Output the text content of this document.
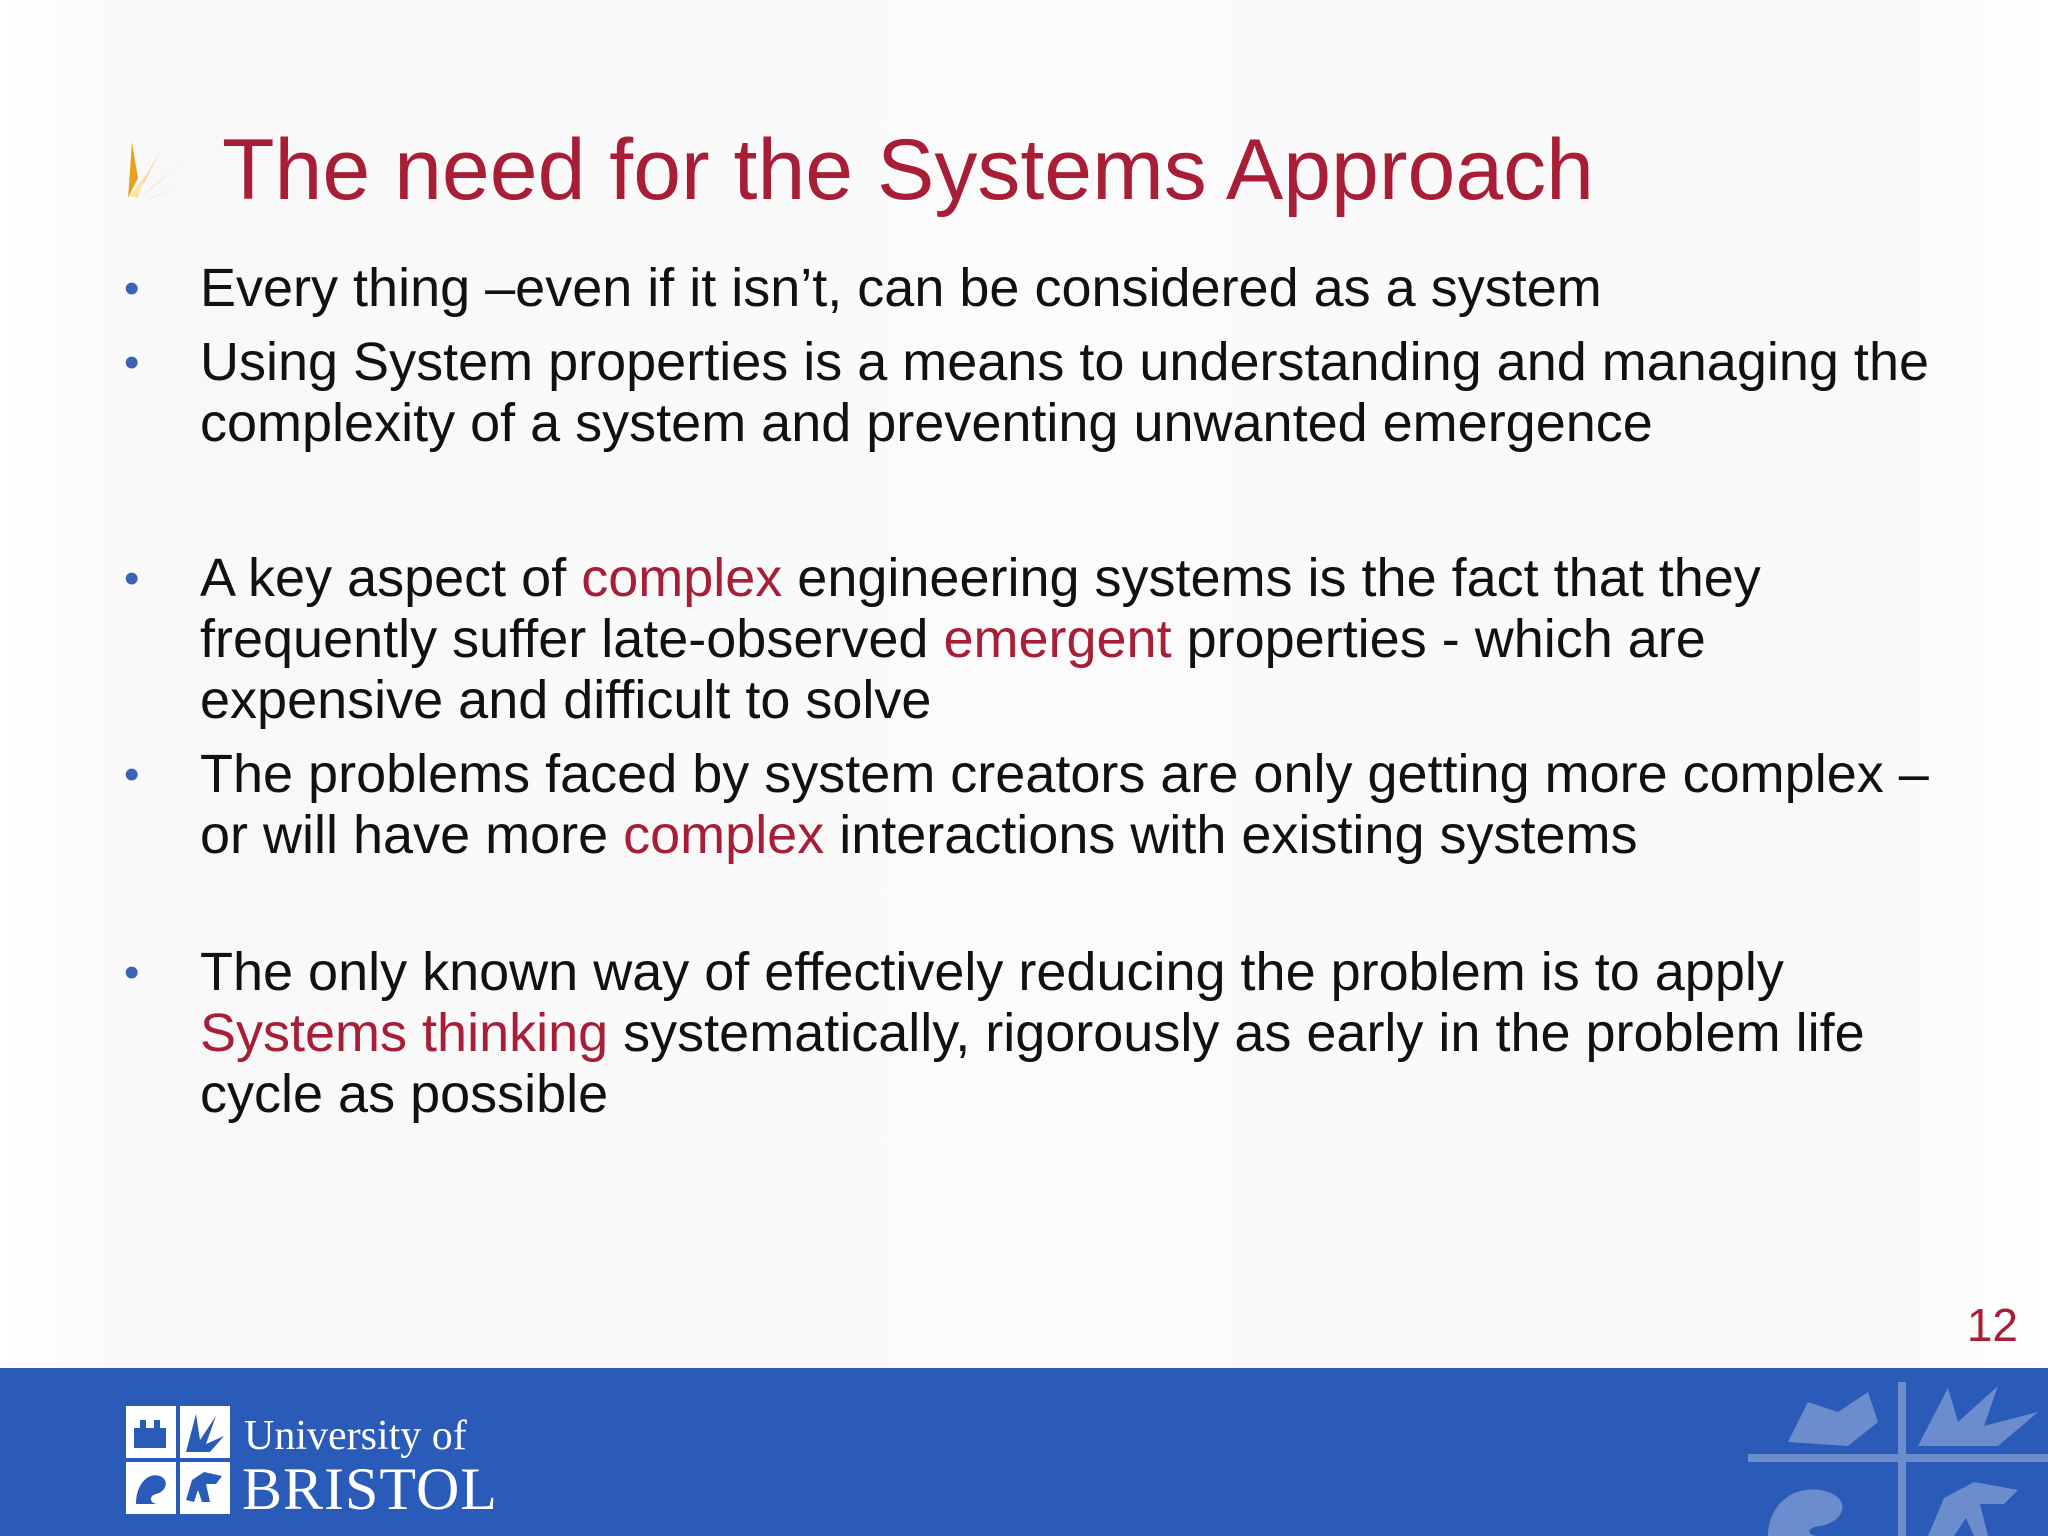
The need for the Systems Approach
• Every thing –even if it isn’t, can be considered as a system
• Using System properties is a means to understanding and managing the complexity of a system and preventing unwanted emergence
• A key aspect of complex engineering systems is the fact that they frequently suffer late-observed emergent properties - which are expensive and difficult to solve
• The problems faced by system creators are only getting more complex – or will have more complex interactions with existing systems
• The only known way of effectively reducing the problem is to apply Systems thinking systematically, rigorously as early in the problem life cycle as possible
12
University of
BRISTOL
